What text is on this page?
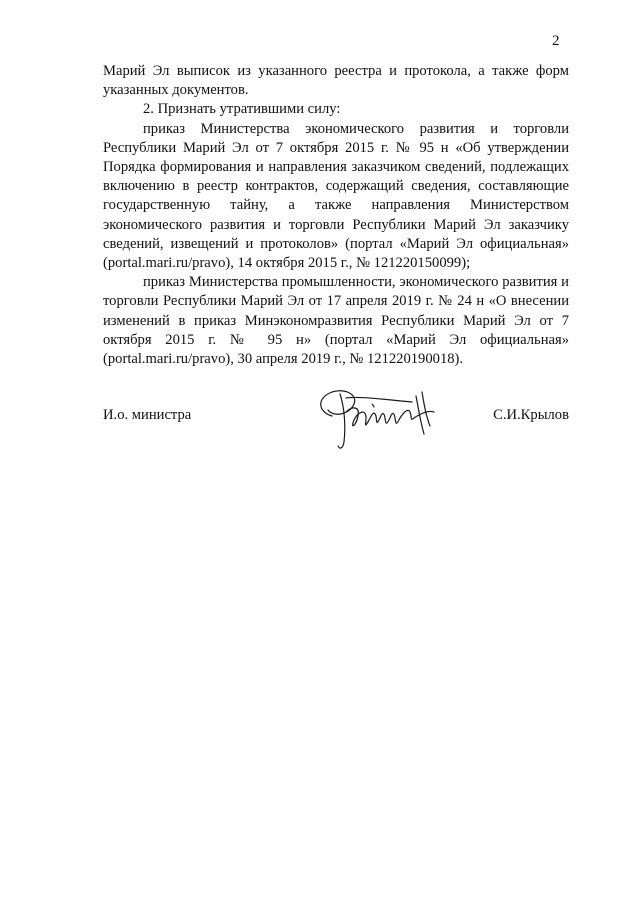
2

Марий Эл выписок из указанного реестра и протокола, а также форм указанных документов.

2. Признать утратившими силу:

приказ Министерства экономического развития и торговли Республики Марий Эл от 7 октября 2015 г. № 95 н «Об утверждении Порядка формирования и направления заказчиком сведений, подлежащих включению в реестр контрактов, содержащий сведения, составляющие государственную тайну, а также направления Министерством экономического развития и торговли Республики Марий Эл заказчику сведений, извещений и протоколов» (портал «Марий Эл официальная» (portal.mari.ru/pravo), 14 октября 2015 г., № 121220150099);

приказ Министерства промышленности, экономического развития и торговли Республики Марий Эл от 17 апреля 2019 г. № 24 н «О внесении изменений в приказ Минэкономразвития Республики Марий Эл от 7 октября 2015 г. № 95 н» (портал «Марий Эл официальная» (portal.mari.ru/pravo), 30 апреля 2019 г., № 121220190018).

И.о. министра	С.И.Крылов
